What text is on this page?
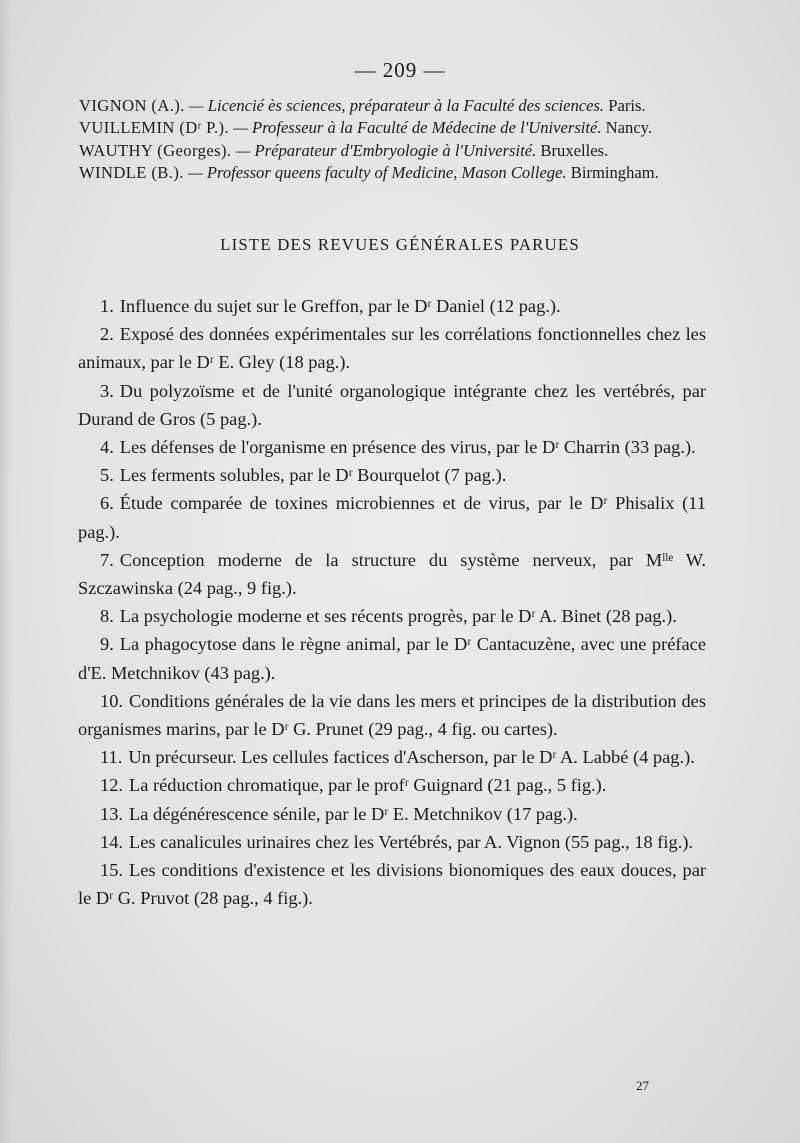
— 209 —
VIGNON (A.). — Licencié ès sciences, préparateur à la Faculté des sciences. Paris.
VUILLEMIN (Dʳ P.). — Professeur à la Faculté de Médecine de l'Université. Nancy.
WAUTHY (Georges). — Préparateur d'Embryologie à l'Université. Bruxelles.
WINDLE (B.). — Professor queens faculty of Medicine, Mason College. Birmingham.
LISTE DES REVUES GÉNÉRALES PARUES
1. Influence du sujet sur le Greffon, par le Dʳ Daniel (12 pag.).
2. Exposé des données expérimentales sur les corrélations fonctionnelles chez les animaux, par le Dʳ E. Gley (18 pag.).
3. Du polyzoïsme et de l'unité organologique intégrante chez les vertébrés, par Durand de Gros (5 pag.).
4. Les défenses de l'organisme en présence des virus, par le Dʳ Charrin (33 pag.).
5. Les ferments solubles, par le Dʳ Bourquelot (7 pag.).
6. Étude comparée de toxines microbiennes et de virus, par le Dʳ Phisalix (11 pag.).
7. Conception moderne de la structure du système nerveux, par Mˡˡᵉ W. Szczawinska (24 pag., 9 fig.).
8. La psychologie moderne et ses récents progrès, par le Dʳ A. Binet (28 pag.).
9. La phagocytose dans le règne animal, par le Dʳ Cantacuzène, avec une préface d'E. Metchnikov (43 pag.).
10. Conditions générales de la vie dans les mers et principes de la distribution des organismes marins, par le Dʳ G. Prunet (29 pag., 4 fig. ou cartes).
11. Un précurseur. Les cellules factices d'Ascherson, par le Dʳ A. Labbé (4 pag.).
12. La réduction chromatique, par le profʳ Guignard (21 pag., 5 fig.).
13. La dégénérescence sénile, par le Dʳ E. Metchnikov (17 pag.).
14. Les canalicules urinaires chez les Vertébrés, par A. Vignon (55 pag., 18 fig.).
15. Les conditions d'existence et les divisions bionomiques des eaux douces, par le Dʳ G. Pruvot (28 pag., 4 fig.).
27
